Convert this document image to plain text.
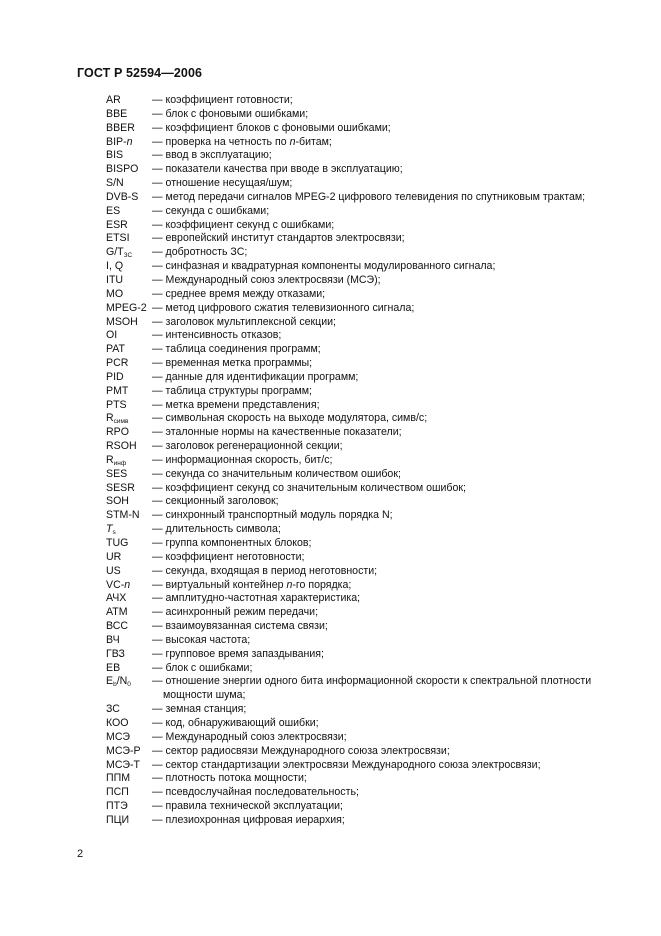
ГОСТ Р 52594—2006
AR	— коэффициент готовности;
BBE	— блок с фоновыми ошибками;
BBER	— коэффициент блоков с фоновыми ошибками;
BIP-n	— проверка на четность по n-битам;
BIS	— ввод в эксплуатацию;
BISPO	— показатели качества при вводе в эксплуатацию;
S/N	— отношение несущая/шум;
DVB-S	— метод передачи сигналов MPEG-2 цифрового телевидения по спутниковым трактам;
ES	— секунда с ошибками;
ESR	— коэффициент секунд с ошибками;
ETSI	— европейский институт стандартов электросвязи;
$G/T_{ЗС}$	— добротность ЗС;
I, Q	— синфазная и квадратурная компоненты модулированного сигнала;
ITU	— Международный союз электросвязи (МСЭ);
MO	— среднее время между отказами;
MPEG-2 — метод цифрового сжатия телевизионного сигнала;
MSOH	— заголовок мультиплексной секции;
OI	— интенсивность отказов;
PAT	— таблица соединения программ;
PCR	— временная метка программы;
PID	— данные для идентификации программ;
PMT	— таблица структуры программ;
PTS	— метка времени представления;
$R_{симв}$	— символьная скорость на выходе модулятора, симв/с;
RPO	— эталонные нормы на качественные показатели;
RSOH	— заголовок регенерационной секции;
$R_{инф}$	— информационная скорость, бит/с;
SES	— секунда со значительным количеством ошибок;
SESR	— коэффициент секунд со значительным количеством ошибок;
SOH	— секционный заголовок;
STM-N	— синхронный транспортный модуль порядка N;
$T_s$	— длительность символа;
TUG	— группа компонентных блоков;
UR	— коэффициент неготовности;
US	— секунда, входящая в период неготовности;
VC-n	— виртуальный контейнер n-го порядка;
АЧХ	— амплитудно-частотная характеристика;
АТМ	— асинхронный режим передачи;
ВСС	— взаимоувязанная система связи;
ВЧ	— высокая частота;
ГВЗ	— групповое время запаздывания;
ЕВ	— блок с ошибками;
$E_b/N_0$	— отношение энергии одного бита информационной скорости к спектральной плотности мощности шума;
ЗС	— земная станция;
КОО	— код, обнаруживающий ошибки;
МСЭ	— Международный союз электросвязи;
МСЭ-Р	— сектор радиосвязи Международного союза электросвязи;
МСЭ-Т	— сектор стандартизации электросвязи Международного союза электросвязи;
ППМ	— плотность потока мощности;
ПСП	— псевдослучайная последовательность;
ПТЭ	— правила технической эксплуатации;
ПЦИ	— плезиохронная цифровая иерархия;
2
